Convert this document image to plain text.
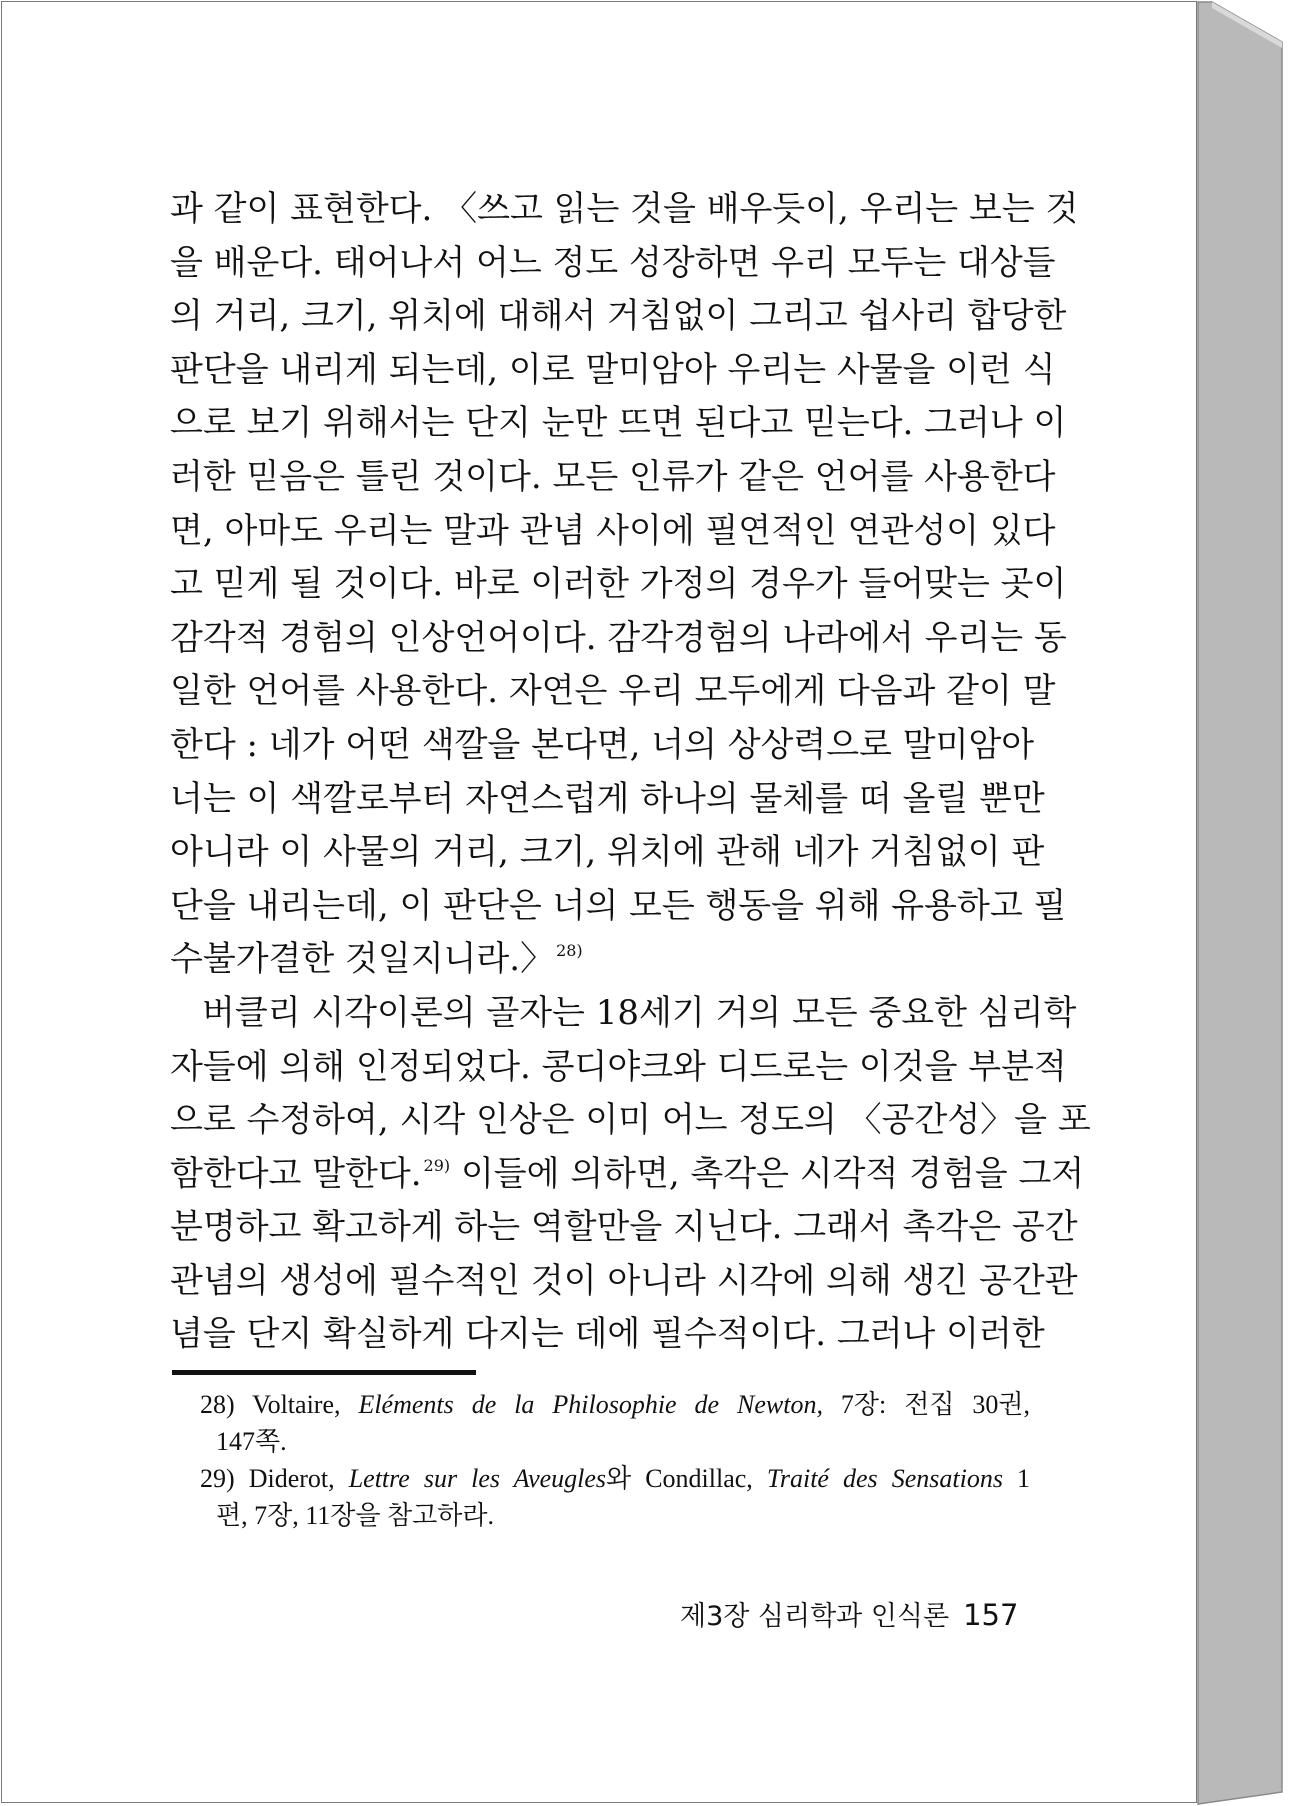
과 같이 표현한다. 〈쓰고 읽는 것을 배우듯이, 우리는 보는 것
을 배운다. 태어나서 어느 정도 성장하면 우리 모두는 대상들
의 거리, 크기, 위치에 대해서 거침없이 그리고 쉽사리 합당한
판단을 내리게 되는데, 이로 말미암아 우리는 사물을 이런 식
으로 보기 위해서는 단지 눈만 뜨면 된다고 믿는다. 그러나 이
러한 믿음은 틀린 것이다. 모든 인류가 같은 언어를 사용한다
면, 아마도 우리는 말과 관념 사이에 필연적인 연관성이 있다
고 믿게 될 것이다. 바로 이러한 가정의 경우가 들어맞는 곳이
감각적 경험의 인상언어이다. 감각경험의 나라에서 우리는 동
일한 언어를 사용한다. 자연은 우리 모두에게 다음과 같이 말
한다 : 네가 어떤 색깔을 본다면, 너의 상상력으로 말미암아
너는 이 색깔로부터 자연스럽게 하나의 물체를 떠 올릴 뿐만
아니라 이 사물의 거리, 크기, 위치에 관해 네가 거침없이 판
단을 내리는데, 이 판단은 너의 모든 행동을 위해 유용하고 필
수불가결한 것일지니라.〉 $^{28)}$
버클리 시각이론의 골자는 18세기 거의 모든 중요한 심리학
자들에 의해 인정되었다. 콩디야크와 디드로는 이것을 부분적
으로 수정하여, 시각 인상은 이미 어느 정도의 〈공간성〉을 포
함한다고 말한다. $^{29)}$ 이들에 의하면, 촉각은 시각적 경험을 그저
분명하고 확고하게 하는 역할만을 지닌다. 그래서 촉각은 공간
관념의 생성에 필수적인 것이 아니라 시각에 의해 생긴 공간관
념을 단지 확실하게 다지는 데에 필수적이다. 그러나 이러한
28) Voltaire, Eléments de la Philosophie de Newton, 7장: 전집 30권,
147쪽.
29) Diderot, Lettre sur les Aveugles와 Condillac, Traité des Sensations 1
편, 7장, 11장을 참고하라.
제3장 심리학과 인식론 157
